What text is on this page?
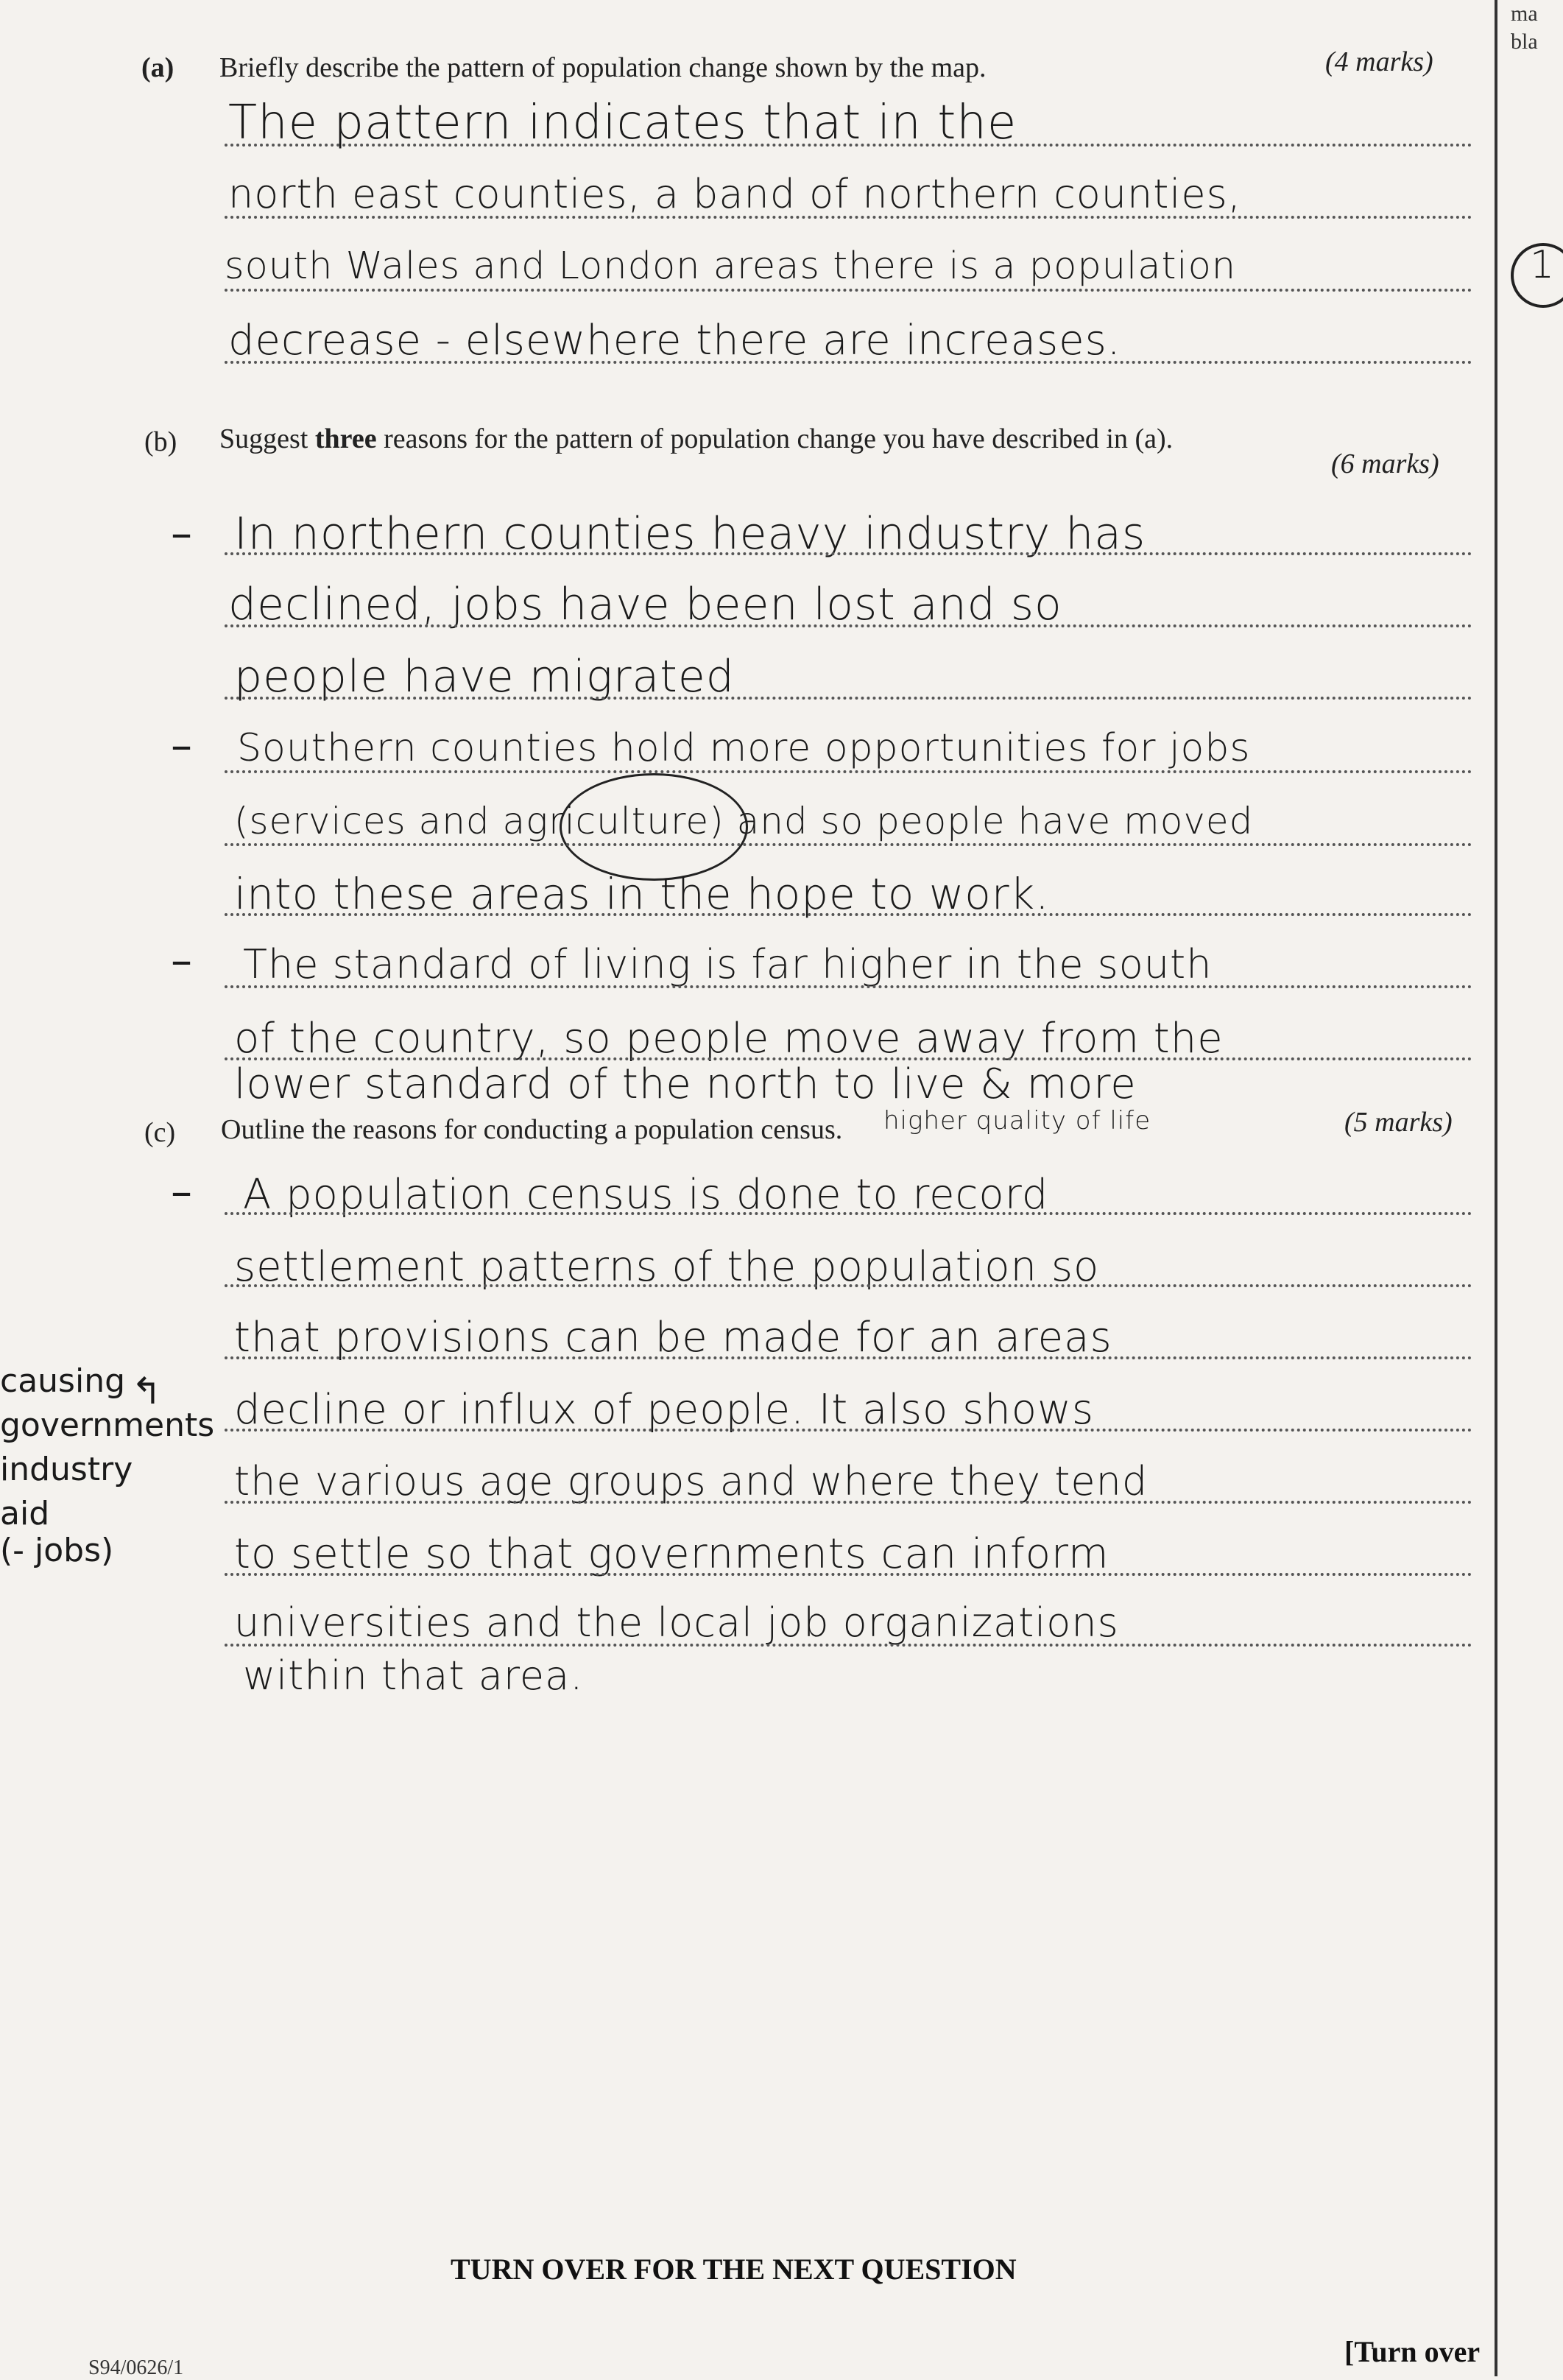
ma
bla
1
(a) Briefly describe the pattern of population change shown by the map.	(4 marks)
The pattern indicates that in the
north east counties, a band of northern counties,
south Wales and London areas there is a population
decrease - elsewhere there are increases.
(b) Suggest three reasons for the pattern of population change you have described in (a).
(6 marks)
– In northern counties heavy industry has
declined, jobs have been lost and so
people have migrated
– Southern counties hold more opportunities for jobs
(services and agriculture) and so people have moved
into these areas in the hope to work.
– The standard of living is far higher in the south
of the country, so people move away from the
lower standard of the north to live & more
(c) Outline the reasons for conducting a population census. higher quality of life	(5 marks)
– A population census is done to record
settlement patterns of the population so
that provisions can be made for an areas
decline or influx of people. It also shows
the various age groups and where they tend
to settle so that governments can inform
universities and the local job organizations
within that area.
causing ↰
governments
industry
aid
(- jobs)
TURN OVER FOR THE NEXT QUESTION
S94/0626/1	[Turn over
